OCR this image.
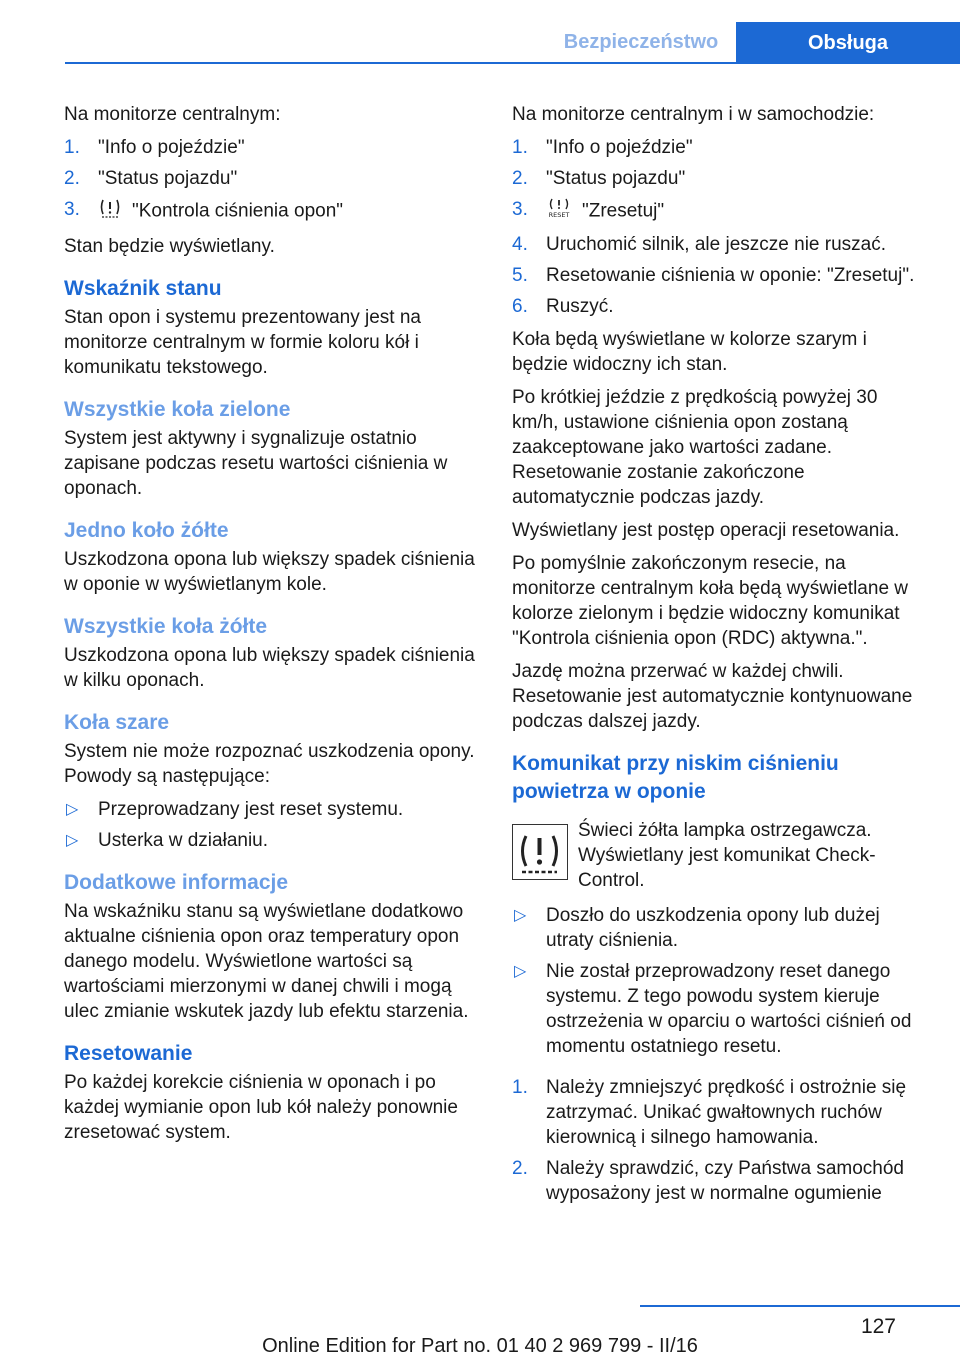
Bezpieczeństwo	Obsługa

Na monitorze centralnym:

1. "Info o pojeździe"
2. "Status pojazdu"
3.	"Kontrola ciśnienia opon"

Stan będzie wyświetlany.

Wskaźnik stanu

Stan opon i systemu prezentowany jest na monitorze centralnym w formie koloru kół i komunikatu tekstowego.

Wszystkie koła zielone

System jest aktywny i sygnalizuje ostatnio zapisane podczas resetu wartości ciśnienia w oponach.

Jedno koło żółte

Uszkodzona opona lub większy spadek ciśnienia w oponie w wyświetlanym kole.

Wszystkie koła żółte

Uszkodzona opona lub większy spadek ciśnienia w kilku oponach.

Koła szare

System nie może rozpoznać uszkodzenia opony. Powody są następujące:

▷ Przeprowadzany jest reset systemu.
▷ Usterka w działaniu.
Dodatkowe informacje

Na wskaźniku stanu są wyświetlane dodatkowo aktualne ciśnienia opon oraz temperatury opon danego modelu. Wyświetlone wartości są wartościami mierzonymi w danej chwili i mogą ulec zmianie wskutek jazdy lub efektu starzenia.

Resetowanie

Po każdej korekcie ciśnienia w oponach i po każdej wymianie opon lub kół należy ponownie zresetować system.

Na monitorze centralnym i w samochodzie:

1. "Info o pojeździe"
2. "Status pojazdu"
3.	RESET "Zresetuj"
4. Uruchomić silnik, ale jeszcze nie ruszać.
5. Resetowanie ciśnienia w oponie: "Zresetuj".
6. Ruszyć.

Koła będą wyświetlane w kolorze szarym i będzie widoczny ich stan.

Po krótkiej jeździe z prędkością powyżej 30 km/h, ustawione ciśnienia opon zostaną zaakceptowane jako wartości zadane. Resetowanie zostanie zakończone automatycznie podczas jazdy.

Wyświetlany jest postęp operacji resetowania.

Po pomyślnie zakończonym resecie, na monitorze centralnym koła będą wyświetlane w kolorze zielonym i będzie widoczny komunikat "Kontrola ciśnienia opon (RDC) aktywna.".

Jazdę można przerwać w każdej chwili. Resetowanie jest automatycznie kontynuowane podczas dalszej jazdy.

Komunikat przy niskim ciśnieniu powietrza w oponie

Świeci żółta lampka ostrzegawcza. Wyświetlany jest komunikat Check-Control.

▷ Doszło do uszkodzenia opony lub dużej utraty ciśnienia.
▷ Nie został przeprowadzony reset danego systemu. Z tego powodu system kieruje ostrzeżenia w oparciu o wartości ciśnień od momentu ostatniego resetu.
1. Należy zmniejszyć prędkość i ostrożnie się zatrzymać. Unikać gwałtownych ruchów kierownicą i silnego hamowania.
2. Należy sprawdzić, czy Państwa samochód wyposażony jest w normalne ogumienie
127
Online Edition for Part no. 01 40 2 969 799 - II/16
